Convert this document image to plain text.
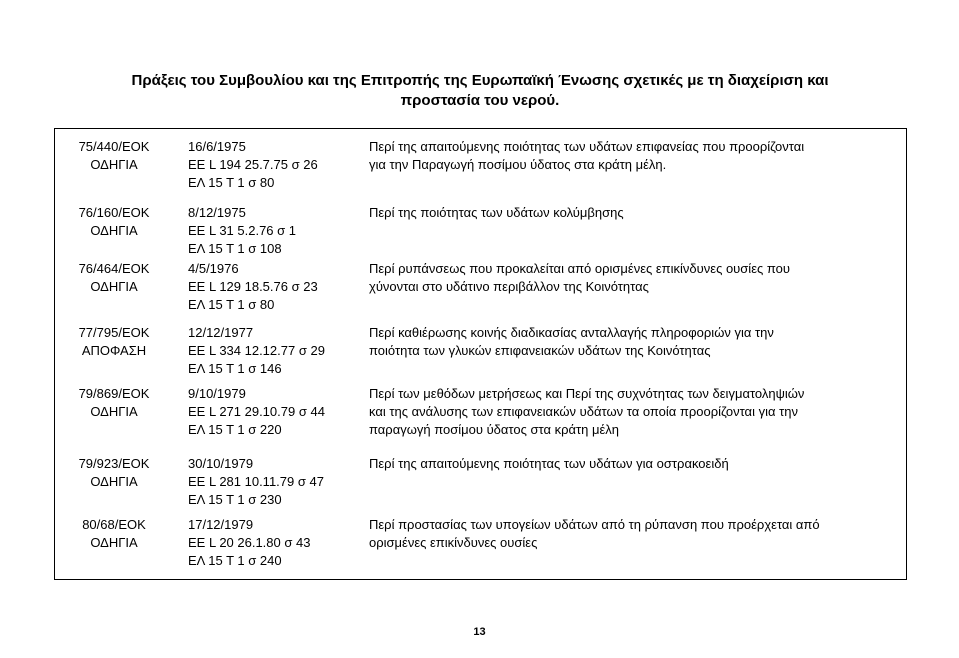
Πράξεις του Συμβουλίου και της Επιτροπής της Ευρωπαϊκή Ένωσης σχετικές με τη διαχείριση και
προστασία του νερού.
75/440/ΕΟΚ
ΟΔΗΓΙΑ
16/6/1975
ΕΕ L 194 25.7.75 σ 26
ΕΛ 15 Τ 1 σ 80
Περί της απαιτούμενης ποιότητας των υδάτων επιφανείας που προορίζονται
για την Παραγωγή ποσίμου ύδατος στα κράτη μέλη.
76/160/ΕΟΚ
ΟΔΗΓΙΑ
8/12/1975
ΕΕ L 31 5.2.76 σ 1
ΕΛ 15 Τ 1 σ 108
Περί της ποιότητας των υδάτων κολύμβησης
76/464/ΕΟΚ
ΟΔΗΓΙΑ
4/5/1976
ΕΕ L 129 18.5.76 σ 23
ΕΛ 15 Τ 1 σ 80
Περί ρυπάνσεως που προκαλείται από ορισμένες επικίνδυνες ουσίες που
χύνονται στο υδάτινο περιβάλλον της Κοινότητας
77/795/ΕΟΚ
ΑΠΟΦΑΣΗ
12/12/1977
ΕΕ L 334 12.12.77 σ 29
ΕΛ 15 Τ 1 σ 146
Περί καθιέρωσης κοινής διαδικασίας ανταλλαγής πληροφοριών για την
ποιότητα των γλυκών επιφανειακών υδάτων της Κοινότητας
79/869/ΕΟΚ
ΟΔΗΓΙΑ
9/10/1979
ΕΕ L 271 29.10.79 σ 44
ΕΛ 15 Τ 1 σ 220
Περί των μεθόδων μετρήσεως και Περί της συχνότητας των δειγματοληψιών
και της ανάλυσης των επιφανειακών υδάτων τα οποία προορίζονται για την
παραγωγή ποσίμου ύδατος στα κράτη μέλη
79/923/ΕΟΚ
ΟΔΗΓΙΑ
30/10/1979
ΕΕ L 281 10.11.79 σ 47
ΕΛ 15 Τ 1 σ 230
Περί της απαιτούμενης ποιότητας των υδάτων για οστρακοειδή
80/68/ΕΟΚ
ΟΔΗΓΙΑ
17/12/1979
ΕΕ L 20 26.1.80 σ 43
ΕΛ 15 Τ 1 σ 240
Περί προστασίας των υπογείων υδάτων από τη ρύπανση που προέρχεται από
ορισμένες επικίνδυνες ουσίες
13
